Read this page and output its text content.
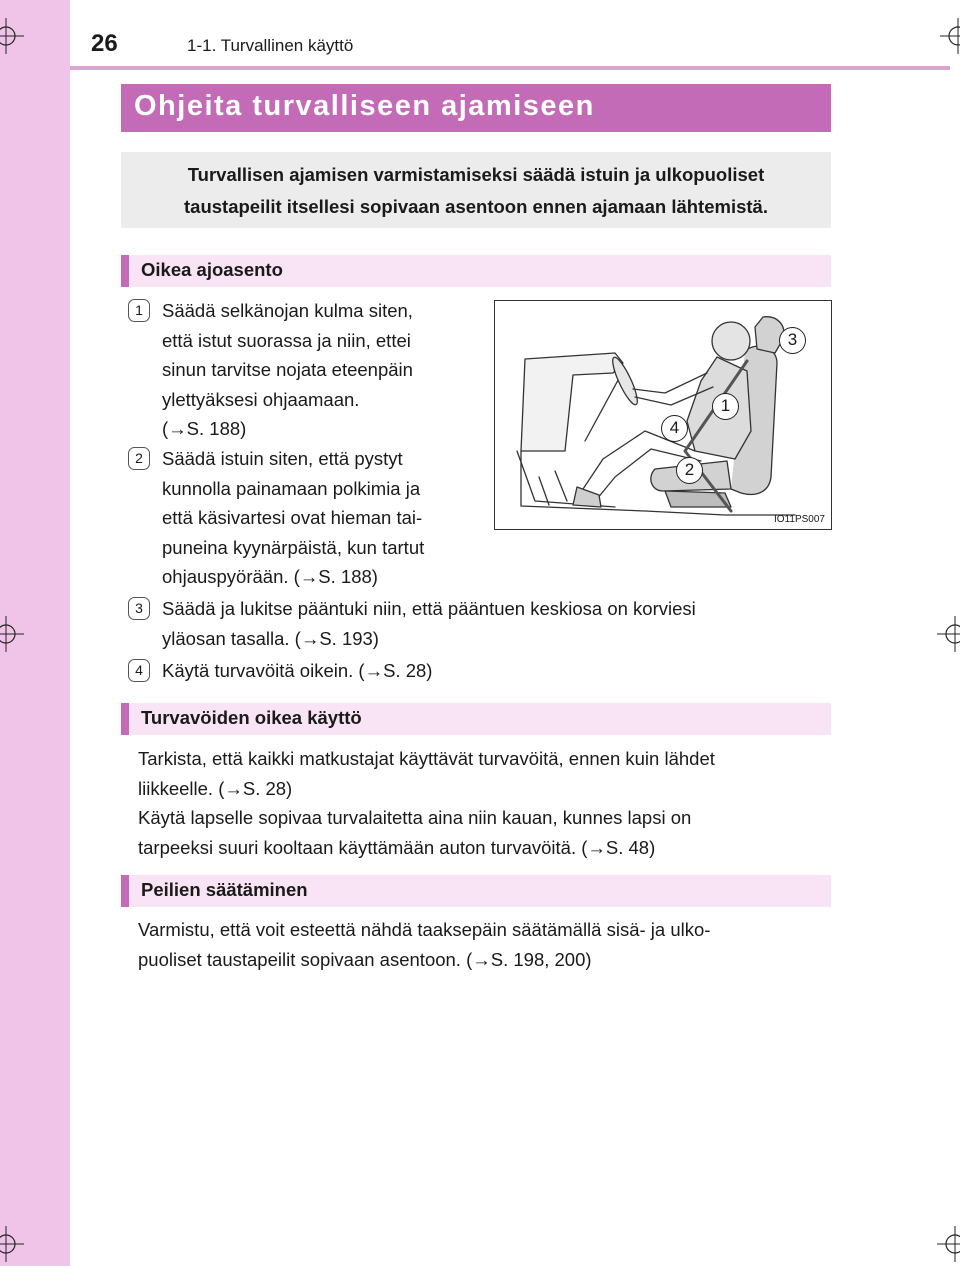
26	1-1. Turvallinen käyttö
Ohjeita turvalliseen ajamiseen
Turvallisen ajamisen varmistamiseksi säädä istuin ja ulkopuoliset
taustapeilit itsellesi sopivaan asentoon ennen ajamaan lähtemistä.
Oikea ajoasento
1	Säädä selkänojan kulma siten,
että istut suorassa ja niin, ettei
sinun tarvitse nojata eteenpäin
ylettyäksesi ohjaamaan.
(→S. 188)
2	Säädä istuin siten, että pystyt
kunnolla painamaan polkimia ja
että käsivartesi ovat hieman tai-
puneina kyynärpäistä, kun tartut
ohjauspyörään. (→S. 188)
3	Säädä ja lukitse pääntuki niin, että pääntuen keskiosa on korviesi
yläosan tasalla. (→S. 193)
4	Käytä turvavöitä oikein. (→S. 28)
3
1
4
2
IO11PS007
Turvavöiden oikea käyttö
Tarkista, että kaikki matkustajat käyttävät turvavöitä, ennen kuin lähdet
liikkeelle. (→S. 28)
Käytä lapselle sopivaa turvalaitetta aina niin kauan, kunnes lapsi on
tarpeeksi suuri kooltaan käyttämään auton turvavöitä. (→S. 48)
Peilien säätäminen
Varmistu, että voit esteettä nähdä taaksepäin säätämällä sisä- ja ulko-
puoliset taustapeilit sopivaan asentoon. (→S. 198, 200)
